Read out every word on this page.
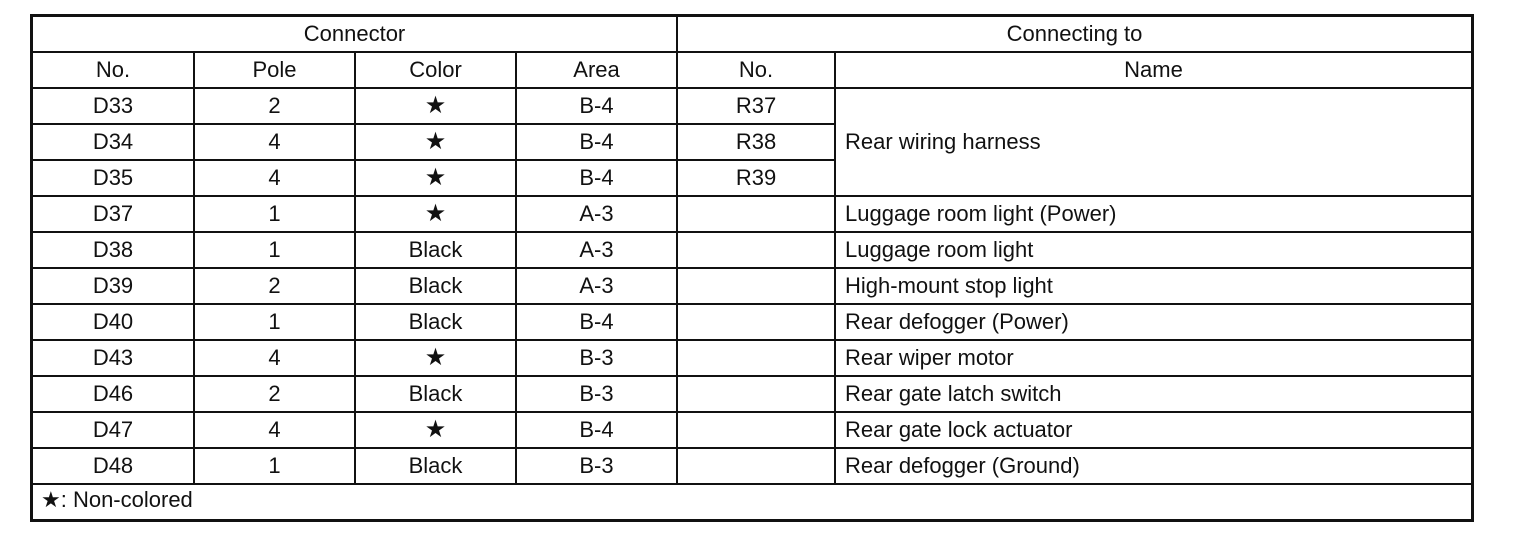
Connector				Connecting to	
No.	Pole	Color	Area	No.	Name
D33	2	★	B-4	R37	Rear wiring harness
D34	4	★	B-4	R38	
D35	4	★	B-4	R39	
D37	1	★	A-3		Luggage room light (Power)
D38	1	Black	A-3		Luggage room light
D39	2	Black	A-3		High-mount stop light
D40	1	Black	B-4		Rear defogger (Power)
D43	4	★	B-3		Rear wiper motor
D46	2	Black	B-3		Rear gate latch switch
D47	4	★	B-4		Rear gate lock actuator
D48	1	Black	B-3		Rear defogger (Ground)
★: Non-colored
